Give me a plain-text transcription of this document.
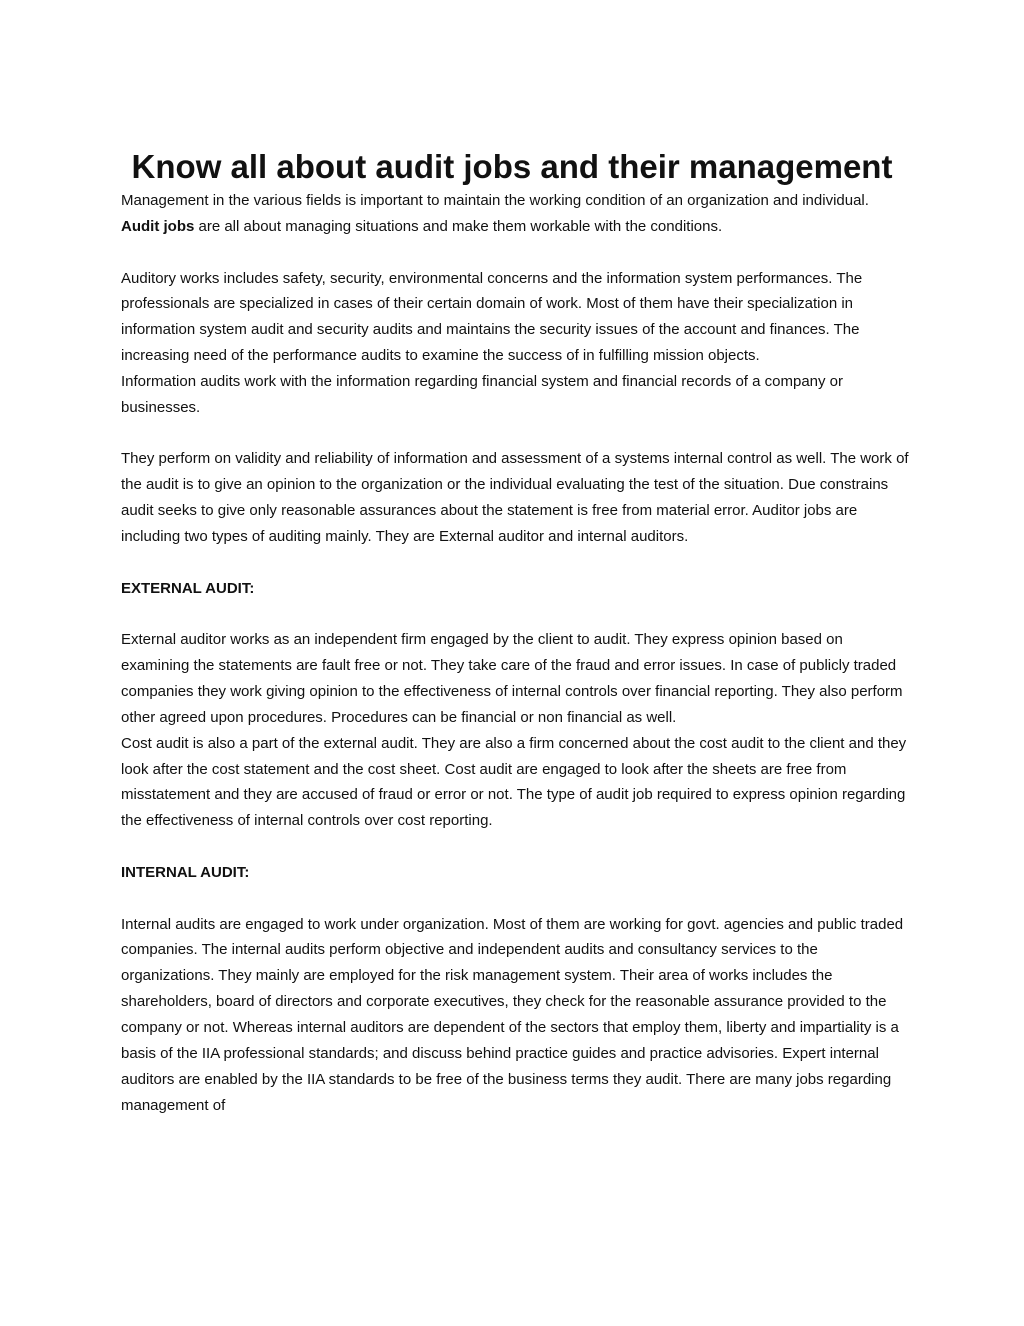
Know all about audit jobs and their management

Management in the various fields is important to maintain the working condition of an organization and individual. Audit jobs are all about managing situations and make them workable with the conditions.

Auditory works includes safety, security, environmental concerns and the information system performances. The professionals are specialized in cases of their certain domain of work. Most of them have their specialization in information system audit and security audits and maintains the security issues of the account and finances. The increasing need of the performance audits to examine the success of in fulfilling mission objects.

Information audits work with the information regarding financial system and financial records of a company or businesses.

They perform on validity and reliability of information and assessment of a systems internal control as well. The work of the audit is to give an opinion to the organization or the individual evaluating the test of the situation. Due constrains audit seeks to give only reasonable assurances about the statement is free from material error. Auditor jobs are including two types of auditing mainly. They are External auditor and internal auditors.

EXTERNAL AUDIT:

External auditor works as an independent firm engaged by the client to audit. They express opinion based on examining the statements are fault free or not. They take care of the fraud and error issues. In case of publicly traded companies they work giving opinion to the effectiveness of internal controls over financial reporting. They also perform other agreed upon procedures. Procedures can be financial or non financial as well.

Cost audit is also a part of the external audit. They are also a firm concerned about the cost audit to the client and they look after the cost statement and the cost sheet. Cost audit are engaged to look after the sheets are free from misstatement and they are accused of fraud or error or not. The type of audit job required to express opinion regarding the effectiveness of internal controls over cost reporting.

INTERNAL AUDIT:

Internal audits are engaged to work under organization. Most of them are working for govt. agencies and public traded companies. The internal audits perform objective and independent audits and consultancy services to the organizations. They mainly are employed for the risk management system. Their area of works includes the shareholders, board of directors and corporate executives, they check for the reasonable assurance provided to the company or not. Whereas internal auditors are dependent of the sectors that employ them, liberty and impartiality is a basis of the IIA professional standards; and discuss behind practice guides and practice advisories. Expert internal auditors are enabled by the IIA standards to be free of the business terms they audit. There are many jobs regarding management of
